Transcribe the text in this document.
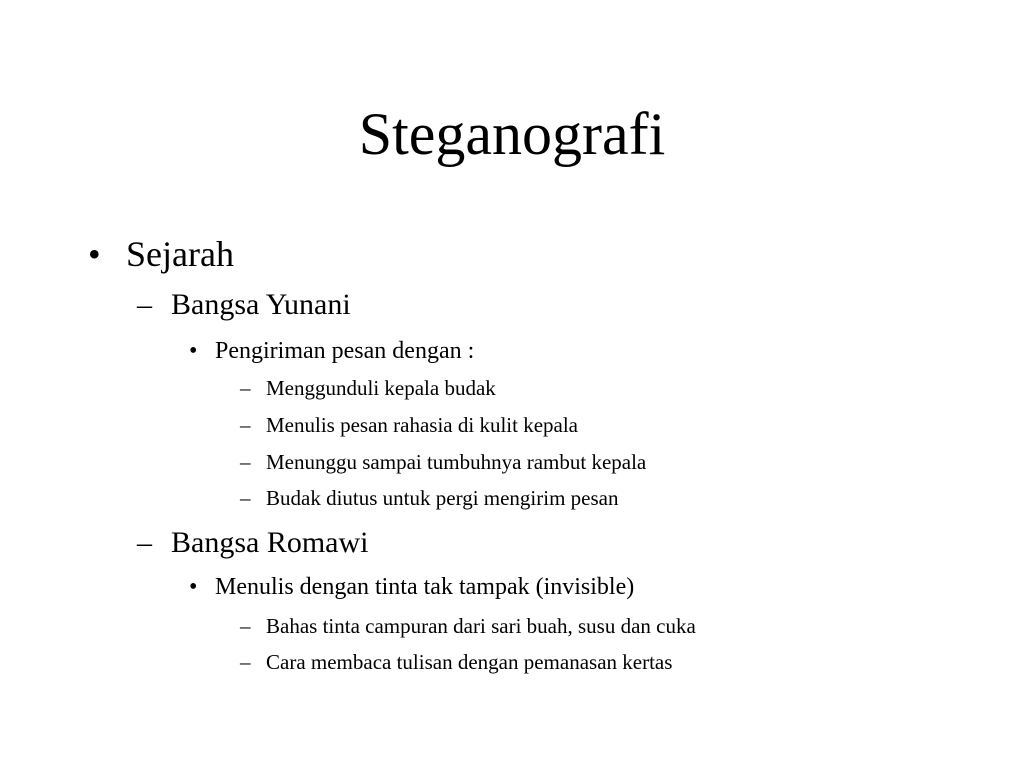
Steganografi
• Sejarah
– Bangsa Yunani
• Pengiriman pesan dengan :
– Menggunduli kepala budak
– Menulis pesan rahasia di kulit kepala
– Menunggu sampai tumbuhnya rambut kepala
– Budak diutus untuk pergi mengirim pesan
– Bangsa Romawi
• Menulis dengan tinta tak tampak (invisible)
– Bahas tinta campuran dari sari buah, susu dan cuka
– Cara membaca tulisan dengan pemanasan kertas
